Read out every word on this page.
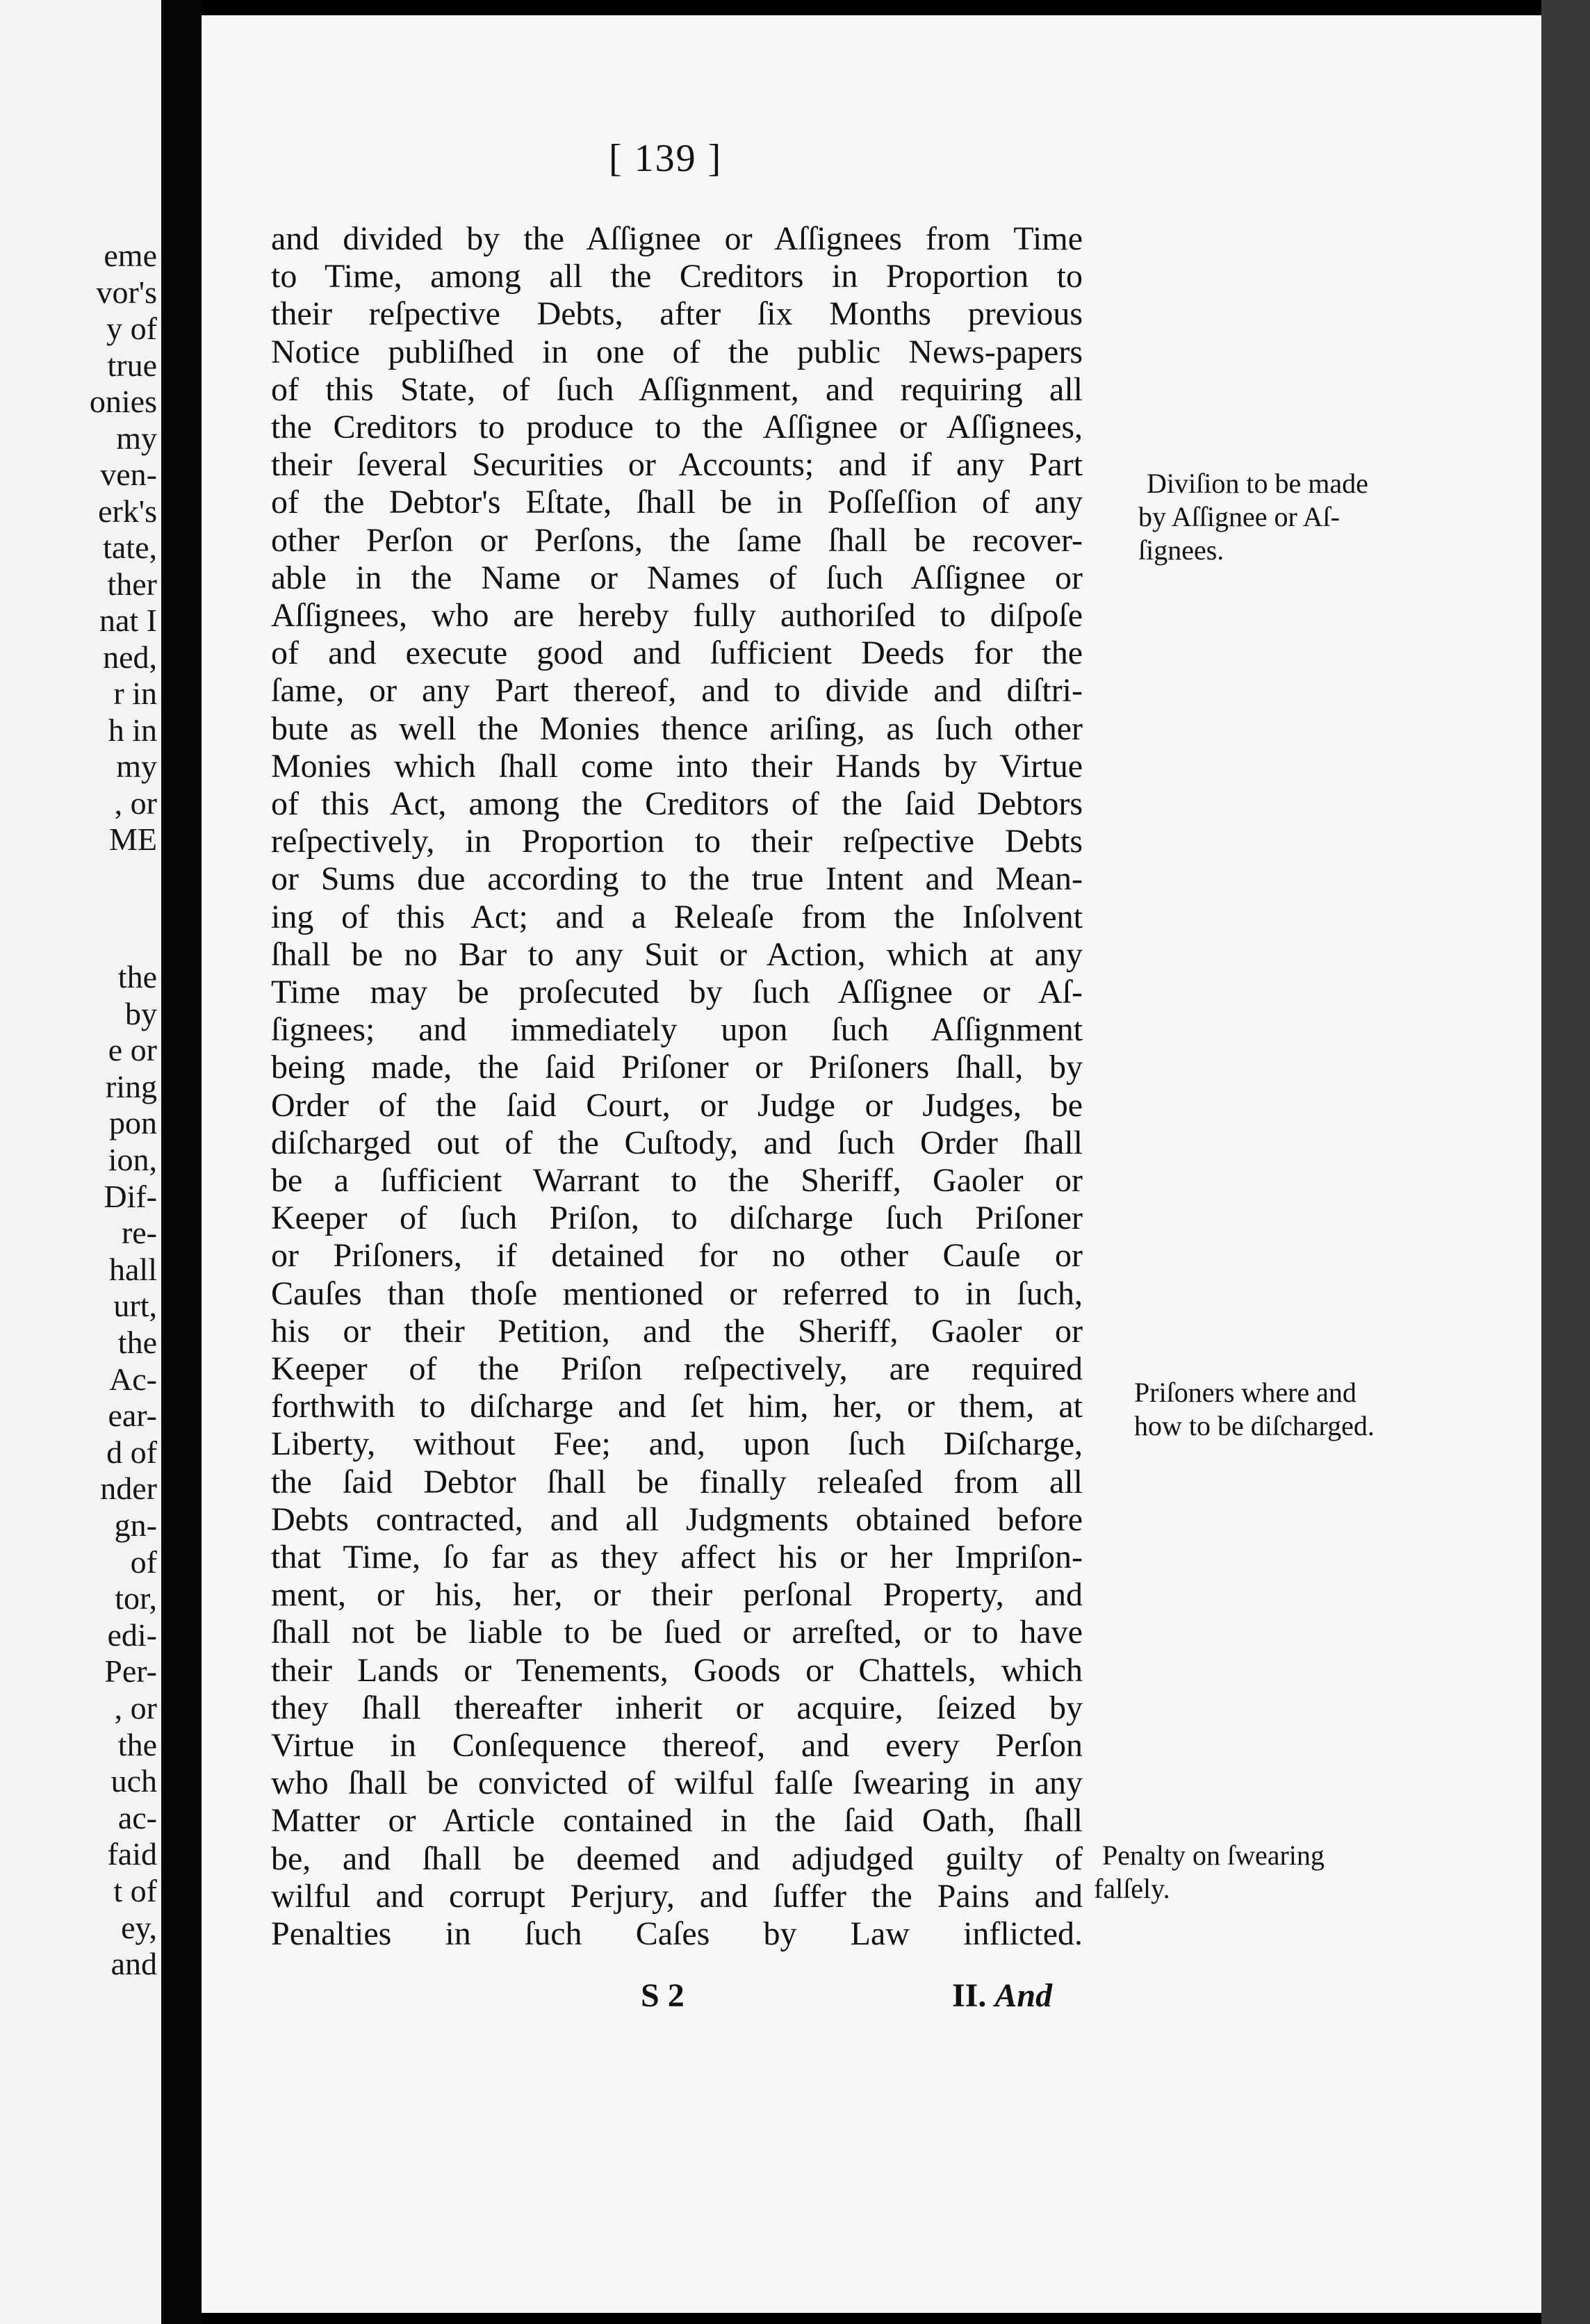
eme
vor's
y of
true
onies
my
ven-
erk's
tate,
ther
nat I
ned,
r in
h in
my
, or
ME
the
by
e or
ring
pon
ion,
Dif-
re-
hall
urt,
the
Ac-
ear-
d of
nder
gn-
of
tor,
edi-
Per-
, or
the
uch
ac-
faid
t of
ey,
and
[ 139 ]
and divided by the Aſſignee or Aſſignees from Time
to Time, among all the Creditors in Proportion to
their reſpective Debts, after ſix Months previous
Notice publiſhed in one of the public News-papers
of this State, of ſuch Aſſignment, and requiring all
the Creditors to produce to the Aſſignee or Aſſignees,
their ſeveral Securities or Accounts; and if any Part
of the Debtor's Eſtate, ſhall be in Poſſeſſion of any
other Perſon or Perſons, the ſame ſhall be recover-
able in the Name or Names of ſuch Aſſignee or
Aſſignees, who are hereby fully authoriſed to diſpoſe
of and execute good and ſufficient Deeds for the
ſame, or any Part thereof, and to divide and diſtri-
bute as well the Monies thence ariſing, as ſuch other
Monies which ſhall come into their Hands by Virtue
of this Act, among the Creditors of the ſaid Debtors
reſpectively, in Proportion to their reſpective Debts
or Sums due according to the true Intent and Mean-
ing of this Act; and a Releaſe from the Inſolvent
ſhall be no Bar to any Suit or Action, which at any
Time may be proſecuted by ſuch Aſſignee or Aſ-
ſignees; and immediately upon ſuch Aſſignment
being made, the ſaid Priſoner or Priſoners ſhall, by
Order of the ſaid Court, or Judge or Judges, be
diſcharged out of the Cuſtody, and ſuch Order ſhall
be a ſufficient Warrant to the Sheriff, Gaoler or
Keeper of ſuch Priſon, to diſcharge ſuch Priſoner
or Priſoners, if detained for no other Cauſe or
Cauſes than thoſe mentioned or referred to in ſuch,
his or their Petition, and the Sheriff, Gaoler or
Keeper of the Priſon reſpectively, are required
forthwith to diſcharge and ſet him, her, or them, at
Liberty, without Fee; and, upon ſuch Diſcharge,
the ſaid Debtor ſhall be finally releaſed from all
Debts contracted, and all Judgments obtained before
that Time, ſo far as they affect his or her Impriſon-
ment, or his, her, or their perſonal Property, and
ſhall not be liable to be ſued or arreſted, or to have
their Lands or Tenements, Goods or Chattels, which
they ſhall thereafter inherit or acquire, ſeized by
Virtue in Conſequence thereof, and every Perſon
who ſhall be convicted of wilful falſe ſwearing in any
Matter or Article contained in the ſaid Oath, ſhall
be, and ſhall be deemed and adjudged guilty of
wilful and corrupt Perjury, and ſuffer the Pains and
Penalties in ſuch Caſes by Law inflicted.
Diviſion to be made
by Aſſignee or Aſ-
ſignees.
Priſoners where and
how to be diſcharged.
Penalty on ſwearing
falſely.
S 2	II. And
